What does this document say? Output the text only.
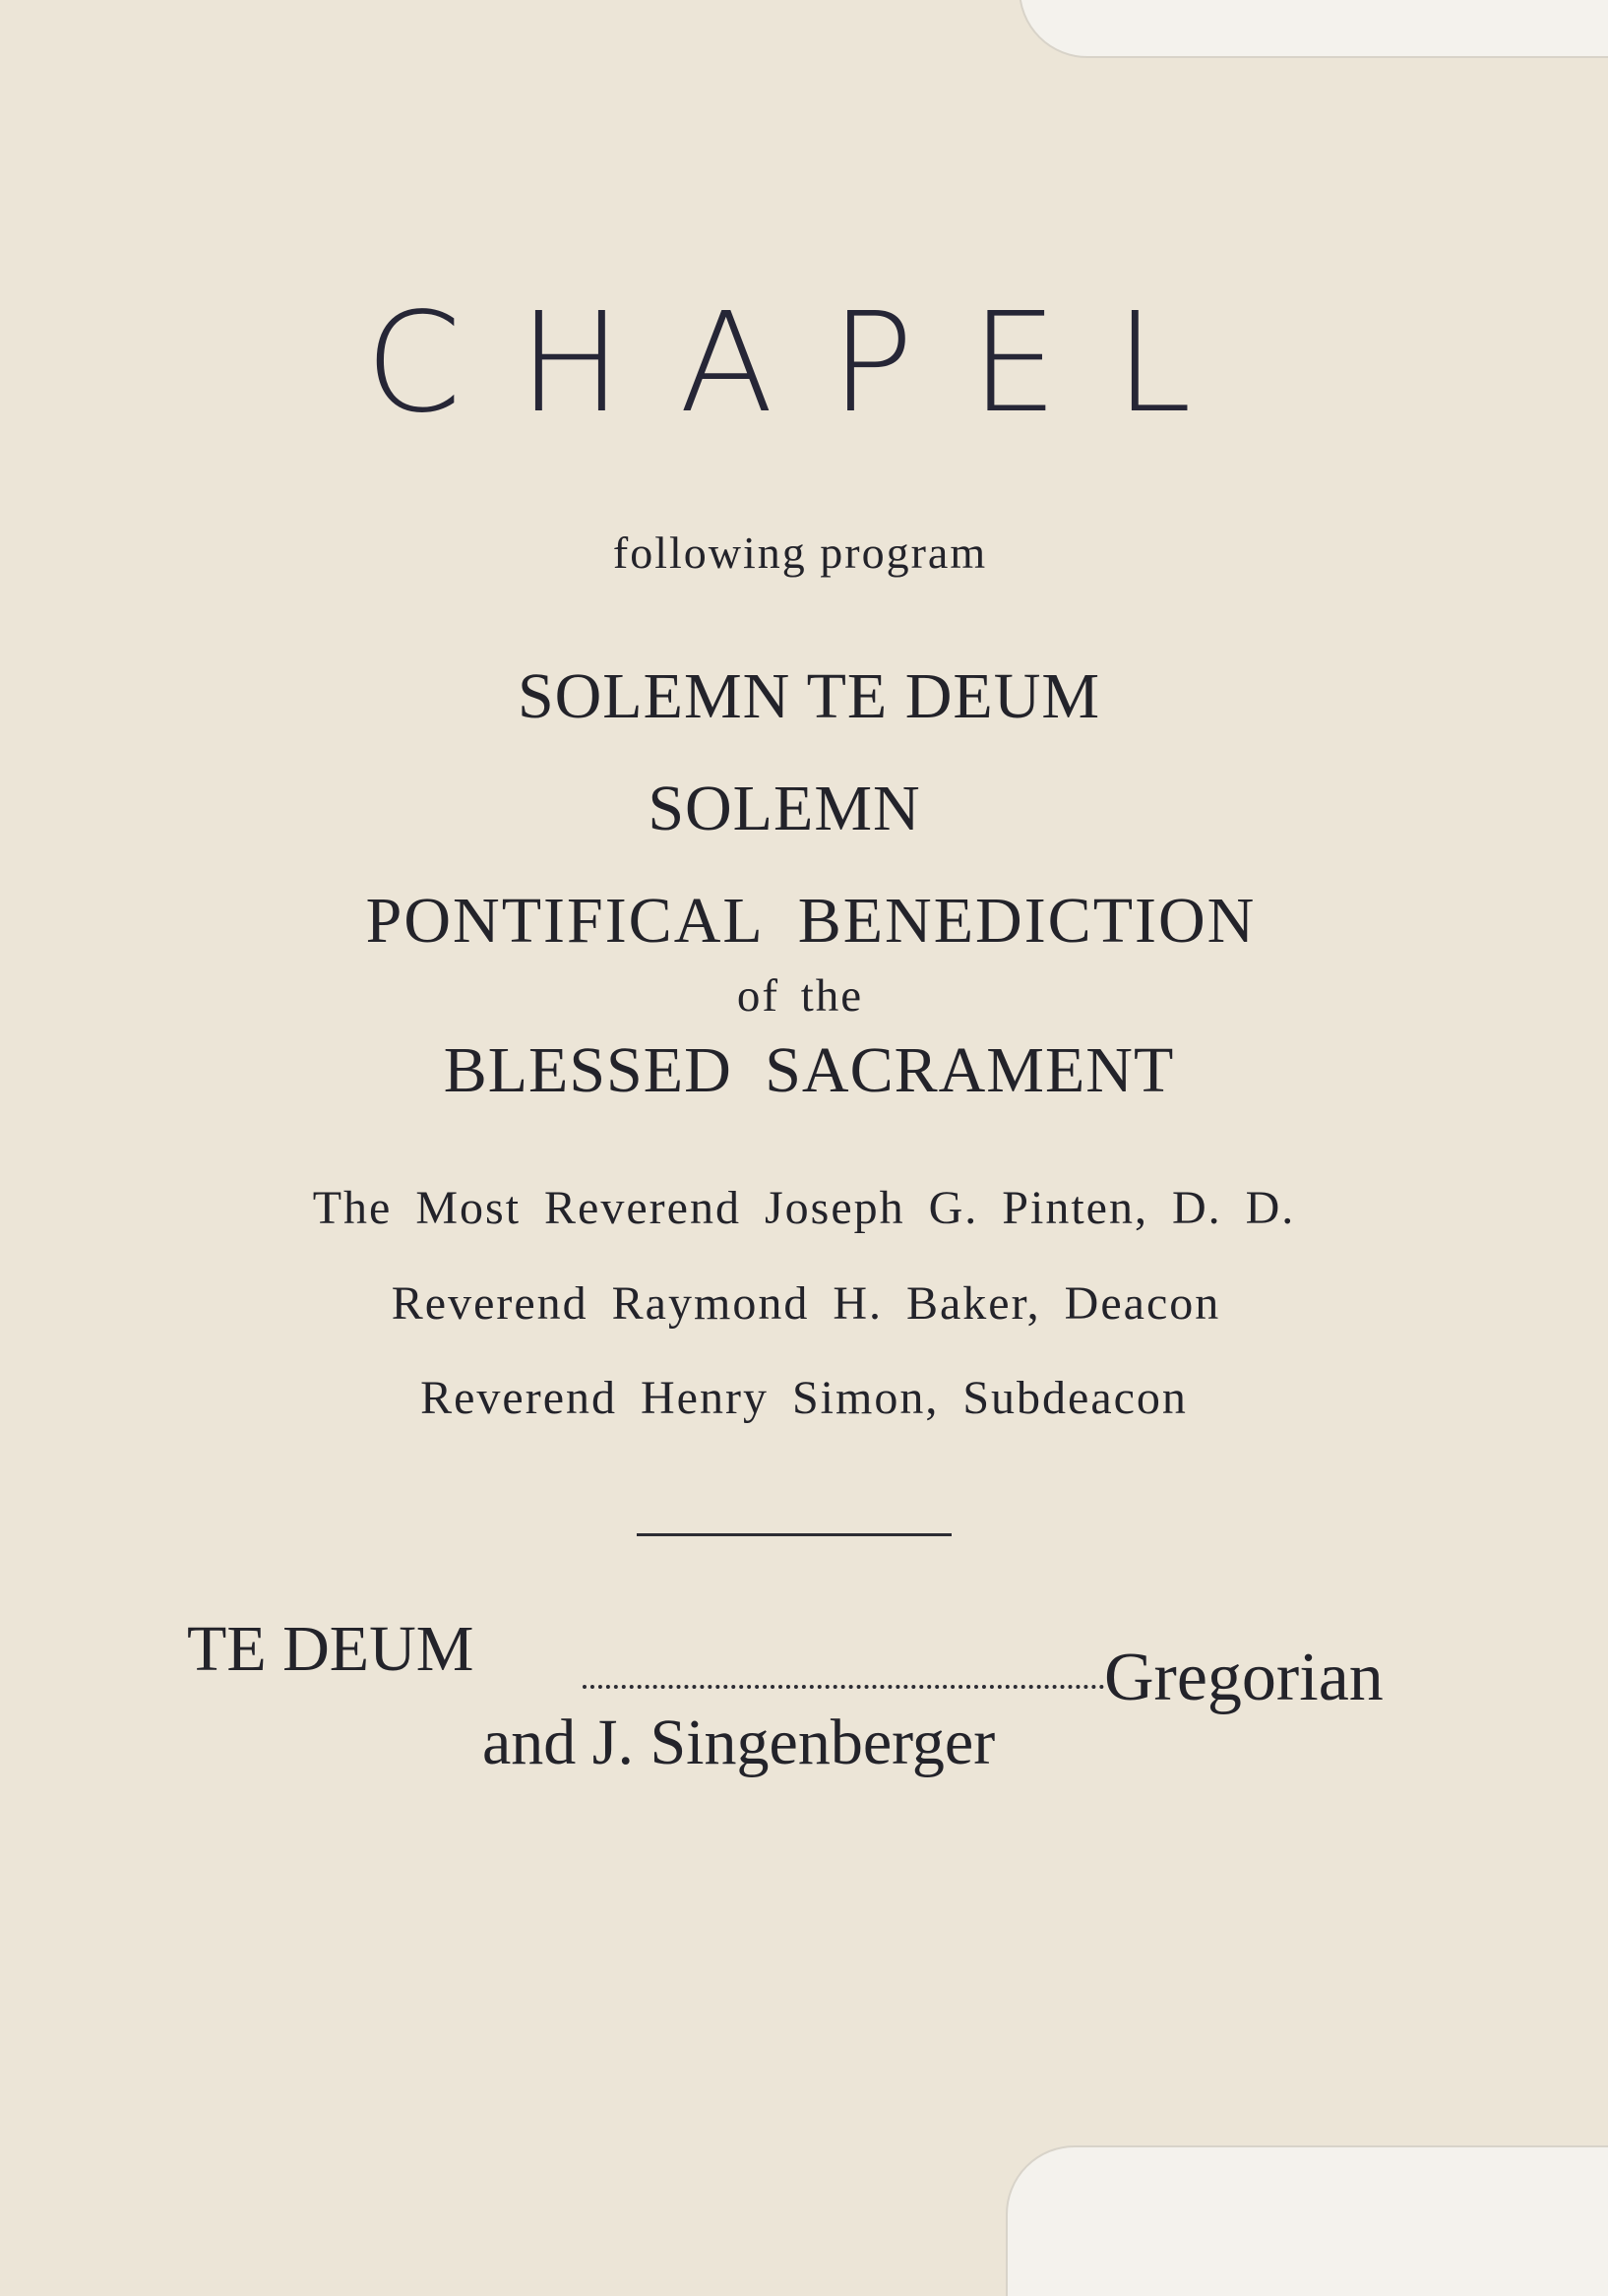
CHAPEL
following program
SOLEMN TE DEUM
SOLEMN
PONTIFICAL BENEDICTION
of the
BLESSED SACRAMENT
The Most Reverend Joseph G. Pinten, D. D.
Reverend Raymond H. Baker, Deacon
Reverend Henry Simon, Subdeacon
TE DEUM	Gregorian
and J. Singenberger
